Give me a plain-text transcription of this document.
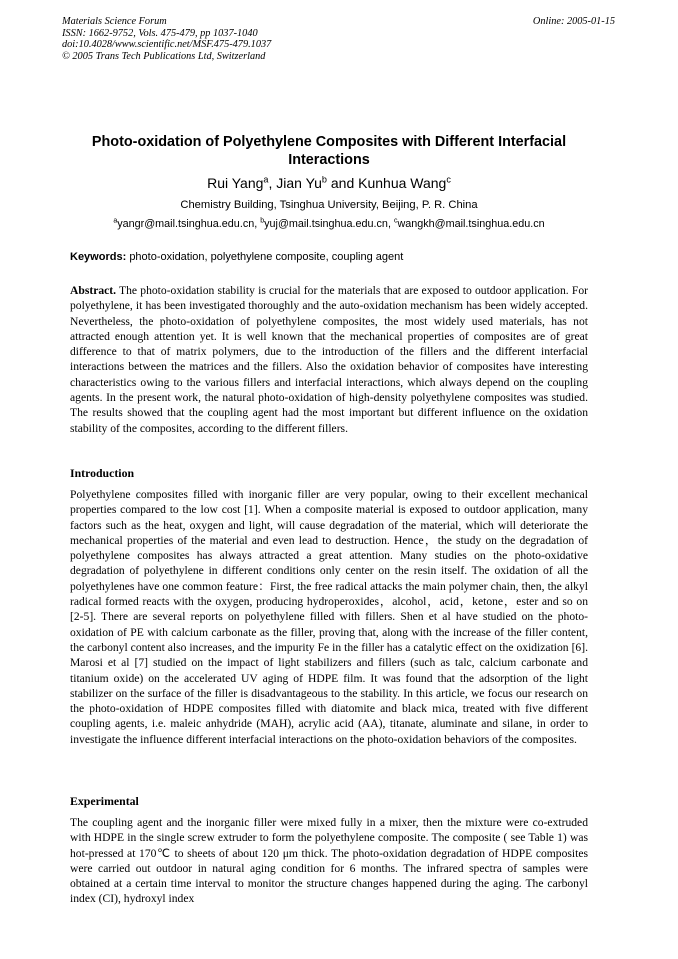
Materials Science Forum
ISSN: 1662-9752, Vols. 475-479, pp 1037-1040
doi:10.4028/www.scientific.net/MSF.475-479.1037
© 2005 Trans Tech Publications Ltd, Switzerland
Online: 2005-01-15
Photo-oxidation of Polyethylene Composites with Different Interfacial Interactions
Rui Yang$^a$, Jian Yu$^b$ and Kunhua Wang$^c$
Chemistry Building, Tsinghua University, Beijing, P. R. China
$^a$yangr@mail.tsinghua.edu.cn, $^b$yuj@mail.tsinghua.edu.cn, $^c$wangkh@mail.tsinghua.edu.cn
Keywords: photo-oxidation, polyethylene composite, coupling agent
Abstract. The photo-oxidation stability is crucial for the materials that are exposed to outdoor application. For polyethylene, it has been investigated thoroughly and the auto-oxidation mechanism has been widely accepted. Nevertheless, the photo-oxidation of polyethylene composites, the most widely used materials, has not attracted enough attention yet. It is well known that the mechanical properties of composites are of great difference to that of matrix polymers, due to the introduction of the fillers and the different interfacial interactions between the matrices and the fillers. Also the oxidation behavior of composites have interesting characteristics owing to the various fillers and interfacial interactions, which always depend on the coupling agents. In the present work, the natural photo-oxidation of high-density polyethylene composites was studied. The results showed that the coupling agent had the most important but different influence on the oxidation stability of the composites, according to the different fillers.
Introduction
Polyethylene composites filled with inorganic filler are very popular, owing to their excellent mechanical properties compared to the low cost [1]. When a composite material is exposed to outdoor application, many factors such as the heat, oxygen and light, will cause degradation of the material, which will deteriorate the mechanical properties of the material and even lead to destruction. Hence，the study on the degradation of polyethylene composites has always attracted a great attention. Many studies on the photo-oxidative degradation of polyethylene in different conditions only center on the resin itself. The oxidation of all the polyethylenes have one common feature：First, the free radical attacks the main polymer chain, then, the alkyl radical formed reacts with the oxygen, producing hydroperoxides，alcohol，acid，ketone，ester and so on [2-5]. There are several reports on polyethylene filled with fillers. Shen et al have studied on the photo-oxidation of PE with calcium carbonate as the filler, proving that, along with the increase of the filler content, the carbonyl content also increases, and the impurity Fe in the filler has a catalytic effect on the oxidization [6]. Marosi et al [7] studied on the impact of light stabilizers and fillers (such as talc, calcium carbonate and titanium oxide) on the accelerated UV aging of HDPE film. It was found that the adsorption of the light stabilizer on the surface of the filler is disadvantageous to the stability. In this article, we focus our research on the photo-oxidation of HDPE composites filled with diatomite and black mica, treated with five different coupling agents, i.e. maleic anhydride (MAH), acrylic acid (AA), titanate, aluminate and silane, in order to investigate the influence different interfacial interactions on the photo-oxidation behaviors of the composites.
Experimental
The coupling agent and the inorganic filler were mixed fully in a mixer, then the mixture were co-extruded with HDPE in the single screw extruder to form the polyethylene composite. The composite ( see Table 1) was hot-pressed at 170℃ to sheets of about 120 μm thick. The photo-oxidation degradation of HDPE composites were carried out outdoor in natural aging condition for 6 months. The infrared spectra of samples were obtained at a certain time interval to monitor the structure changes happened during the aging. The carbonyl index (CI), hydroxyl index
